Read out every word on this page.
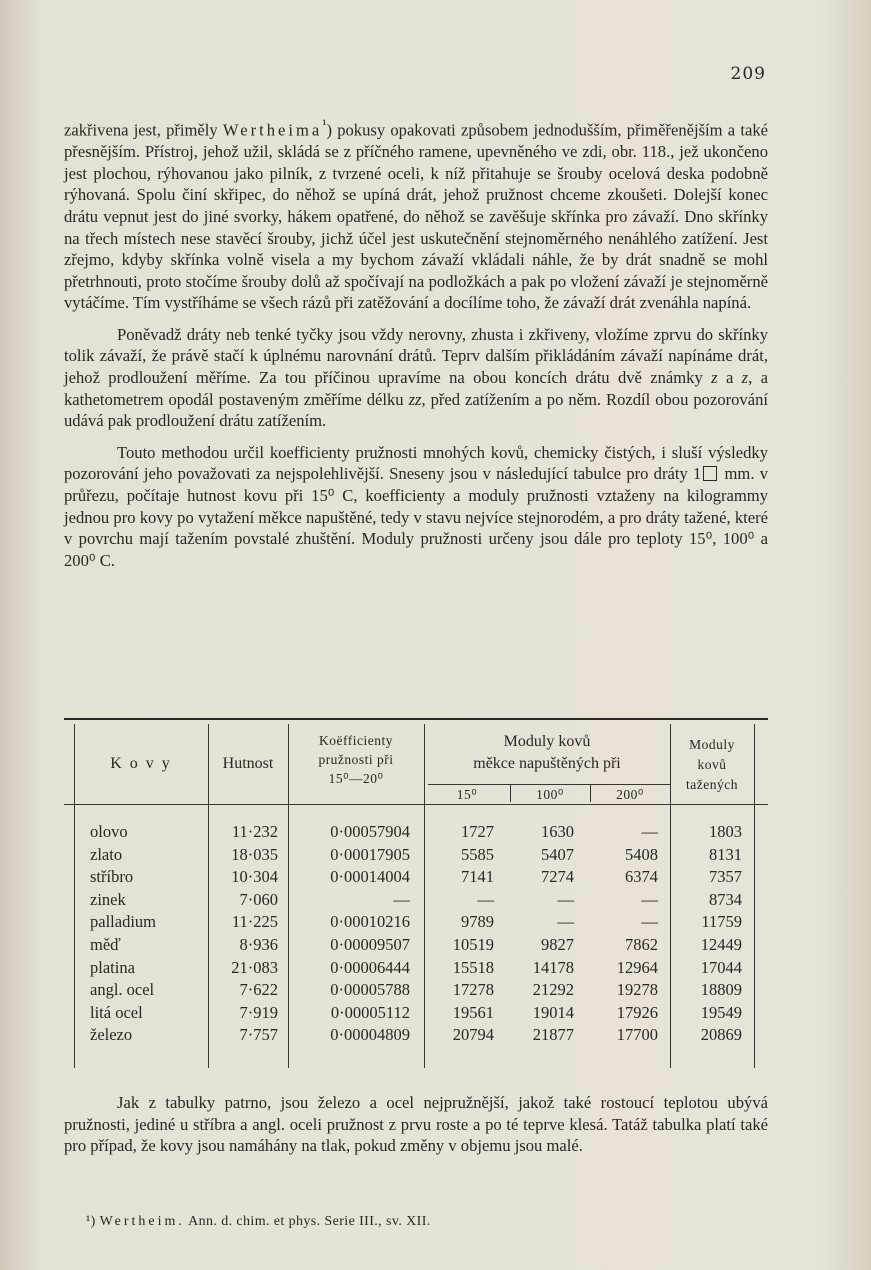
209

zakřivena jest, přiměly Wertheima$^{^1}$) pokusy opakovati způsobem jednodušším, přiměřenějším a také přesnějším. Přístroj, jehož užil, skládá se z příčného ramene, upevněného ve zdi, obr. 118., jež ukončeno jest plochou, rýhovanou jako pilník, z tvrzené oceli, k níž přitahuje se šrouby ocelová deska podobně rýhovaná. Spolu činí skřipec, do něhož se upíná drát, jehož pružnost chceme zkoušeti. Dolejší konec drátu vepnut jest do jiné svorky, hákem opatřené, do něhož se zavěšuje skřínka pro závaží. Dno skřínky na třech místech nese stavěcí šrouby, jichž účel jest uskutečnění stejnoměrného nenáhlého zatížení. Jest zřejmo, kdyby skřínka volně visela a my bychom závaží vkládali náhle, že by drát snadně se mohl přetrhnouti, proto stočíme šrouby dolů až spočívají na podložkách a pak po vložení závaží je stejnoměrně vytáčíme. Tím vystříháme se všech rázů při zatěžování a docílíme toho, že závaží drát zvenáhla napíná.

Poněvadž dráty neb tenké tyčky jsou vždy nerovny, zhusta i zkřiveny, vložíme zprvu do skřínky tolik závaží, že právě stačí k úplnému narovnání drátů. Teprv dalším přikládáním závaží napínáme drát, jehož prodloužení měříme. Za tou příčinou upravíme na obou koncích drátu dvě známky z a z, a kathetometrem opodál postaveným změříme délku zz, před zatížením a po něm. Rozdíl obou pozorování udává pak prodloužení drátu zatížením.

Touto methodou určil koefficienty pružnosti mnohých kovů, chemicky čistých, i sluší výsledky pozorování jeho považovati za nejspolehlivější. Sneseny jsou v následující tabulce pro dráty 1 mm. v průřezu, počítaje hutnost kovu při 15⁰ C, koefficienty a moduly pružnosti vztaženy na kilogrammy jednou pro kovy po vytažení měkce napuštěné, tedy v stavu nejvíce stejnorodém, a pro dráty tažené, které v povrchu mají tažením povstalé zhuštění. Moduly pružnosti určeny jsou dále pro teploty 15⁰, 100⁰ a 200⁰ C.

K o v y	Hutnost
Koëfficienty
pružnosti při
15⁰—20⁰
Moduly kovů
měkce napuštěných při
15⁰	100⁰	200⁰
Moduly
kovů
tažených
olovo	11·232	0·00057904	1727	1630	—	1803
zlato	18·035	0·00017905	5585	5407	5408	8131
stříbro	10·304	0·00014004	7141	7274	6374	7357
zinek	7·060	—	—	—	—	8734
palladium	11·225	0·00010216	9789	—	—	11759
měď	8·936	0·00009507	10519	9827	7862	12449
platina	21·083	0·00006444	15518	14178	12964	17044
angl. ocel	7·622	0·00005788	17278	21292	19278	18809
litá ocel	7·919	0·00005112	19561	19014	17926	19549
železo	7·757	0·00004809	20794	21877	17700	20869

Jak z tabulky patrno, jsou železo a ocel nejpružnější, jakož také rostoucí teplotou ubývá pružnosti, jediné u stříbra a angl. oceli pružnost z prvu roste a po té teprve klesá. Tatáž tabulka platí také pro případ, že kovy jsou namáhány na tlak, pokud změny v objemu jsou malé.

¹) Wertheim. Ann. d. chim. et phys. Serie III., sv. XII.
